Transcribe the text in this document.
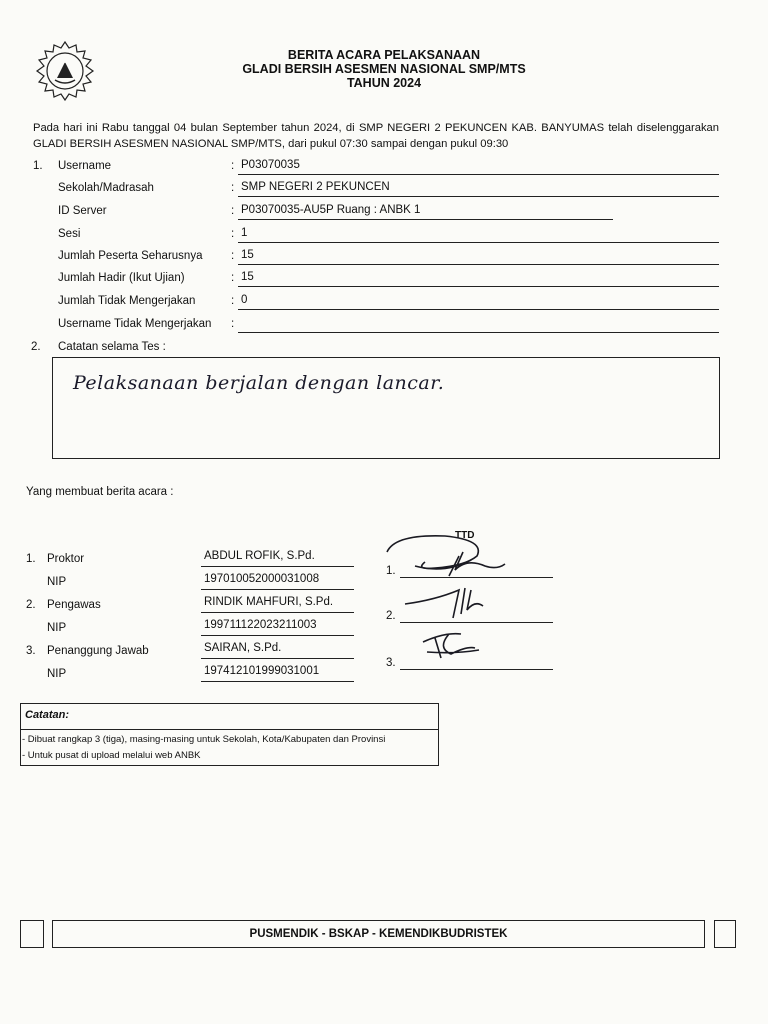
BERITA ACARA PELAKSANAAN
GLADI BERSIH ASESMEN NASIONAL SMP/MTS
TAHUN 2024
Pada hari ini Rabu tanggal 04 bulan September tahun 2024, di SMP NEGERI 2 PEKUNCEN KAB. BANYUMAS telah diselenggarakan GLADI BERSIH ASESMEN NASIONAL SMP/MTS, dari pukul 07:30 sampai dengan pukul 09:30
1. Username	: P03070035
Sekolah/Madrasah	: SMP NEGERI 2 PEKUNCEN
ID Server	: P03070035-AU5P Ruang : ANBK 1
Sesi	: 1
Jumlah Peserta Seharusnya : 15
Jumlah Hadir (Ikut Ujian)	: 15
Jumlah Tidak Mengerjakan	: 0
Username Tidak Mengerjakan :
2. Catatan selama Tes :
Pelaksanaan berjalan dengan lancar.
Yang membuat berita acara :
TTD
1. Proktor	ABDUL ROFIK, S.Pd.
NIP	197010052000031008
1.
2. Pengawas	RINDIK MAHFURI, S.Pd.
NIP	199711122023211003
2.
3. Penanggung Jawab	SAIRAN, S.Pd.
NIP	197412101999031001
3.
Catatan:
- Dibuat rangkap 3 (tiga), masing-masing untuk Sekolah, Kota/Kabupaten dan Provinsi
- Untuk pusat di upload melalui web ANBK
PUSMENDIK - BSKAP - KEMENDIKBUDRISTEK
